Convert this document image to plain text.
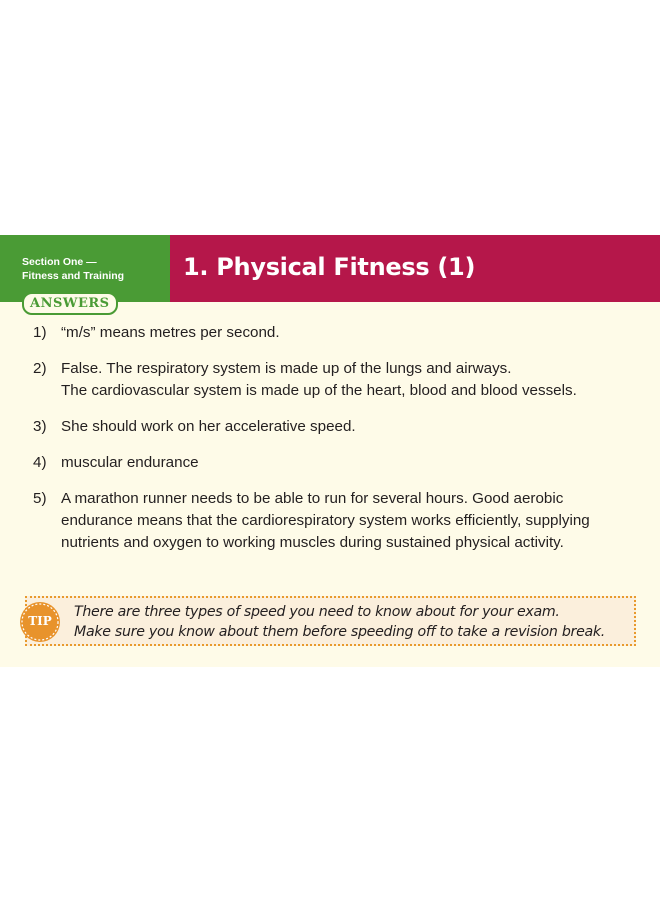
Section One —
Fitness and Training 1. Physical Fitness (1)
ANSWERS
1) “m/s” means metres per second.
2) False. The respiratory system is made up of the lungs and airways.
The cardiovascular system is made up of the heart, blood and blood vessels.
3) She should work on her accelerative speed.
4) muscular endurance
5) A marathon runner needs to be able to run for several hours. Good aerobic
endurance means that the cardiorespiratory system works efficiently, supplying
nutrients and oxygen to working muscles during sustained physical activity.
TIP
There are three types of speed you need to know about for your exam.
Make sure you know about them before speeding off to take a revision break.
